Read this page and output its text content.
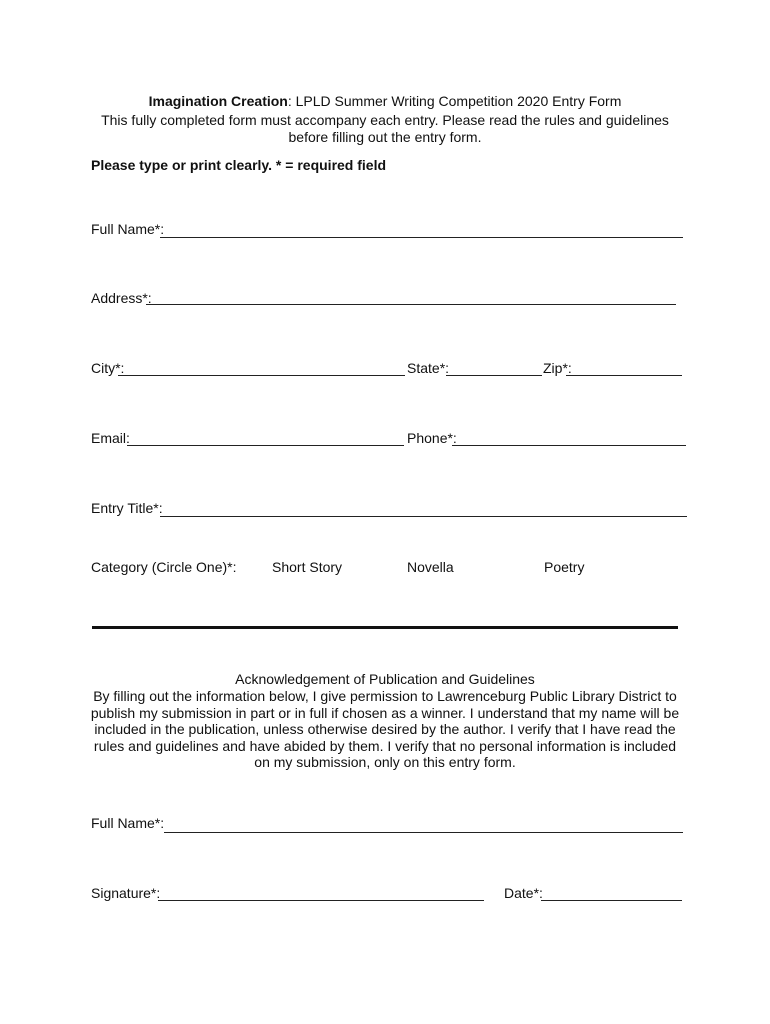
Imagination Creation: LPLD Summer Writing Competition 2020 Entry Form
This fully completed form must accompany each entry. Please read the rules and guidelines
before filling out the entry form.
Please type or print clearly. * = required field
Full Name*:
Address*:
City*:	State*:	Zip*:
Email:	Phone*:
Entry Title*:
Category (Circle One)*:	Short Story	Novella	Poetry
Acknowledgement of Publication and Guidelines
By filling out the information below, I give permission to Lawrenceburg Public Library District to publish my submission in part or in full if chosen as a winner. I understand that my name will be included in the publication, unless otherwise desired by the author. I verify that I have read the rules and guidelines and have abided by them. I verify that no personal information is included on my submission, only on this entry form.
Full Name*:
Signature*:	Date*:
